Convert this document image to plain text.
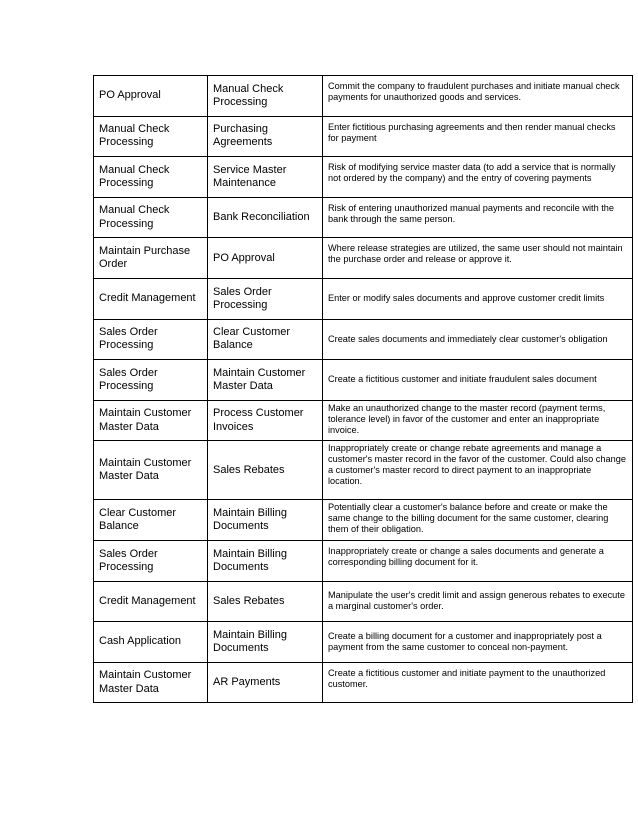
PO Approval	Manual Check Processing	Commit the company to fraudulent purchases and initiate manual check payments for unauthorized goods and services.
Manual Check Processing	Purchasing Agreements	Enter fictitious purchasing agreements and then render manual checks for payment
Manual Check Processing	Service Master Maintenance	Risk of modifying service master data (to add a service that is normally not ordered by the company) and the entry of covering payments
Manual Check Processing	Bank Reconciliation	Risk of entering unauthorized manual payments and reconcile with the bank through the same person.
Maintain Purchase Order	PO Approval	Where release strategies are utilized, the same user should not maintain the purchase order and release or approve it.
Credit Management	Sales Order Processing	Enter or modify sales documents and approve customer credit limits
Sales Order Processing	Clear Customer Balance	Create sales documents and immediately clear customer's obligation
Sales Order Processing	Maintain Customer Master Data	Create a fictitious customer and initiate fraudulent sales document
Maintain Customer Master Data	Process Customer Invoices	Make an unauthorized change to the master record (payment terms, tolerance level) in favor of the customer and enter an inappropriate invoice.
Maintain Customer Master Data	Sales Rebates	Inappropriately create or change rebate agreements and manage a customer's master record in the favor of the customer. Could also change a customer's master record to direct payment to an inappropriate location.
Clear Customer Balance	Maintain Billing Documents	Potentially clear a customer's balance before and create or make the same change to the billing document for the same customer, clearing them of their obligation.
Sales Order Processing	Maintain Billing Documents	Inappropriately create or change a sales documents and generate a corresponding billing document for it.
Credit Management	Sales Rebates	Manipulate the user's credit limit and assign generous rebates to execute a marginal customer's order.
Cash Application	Maintain Billing Documents	Create a billing document for a customer and inappropriately post a payment from the same customer to conceal non-payment.
Maintain Customer Master Data	AR Payments	Create a fictitious customer and initiate payment to the unauthorized customer.
